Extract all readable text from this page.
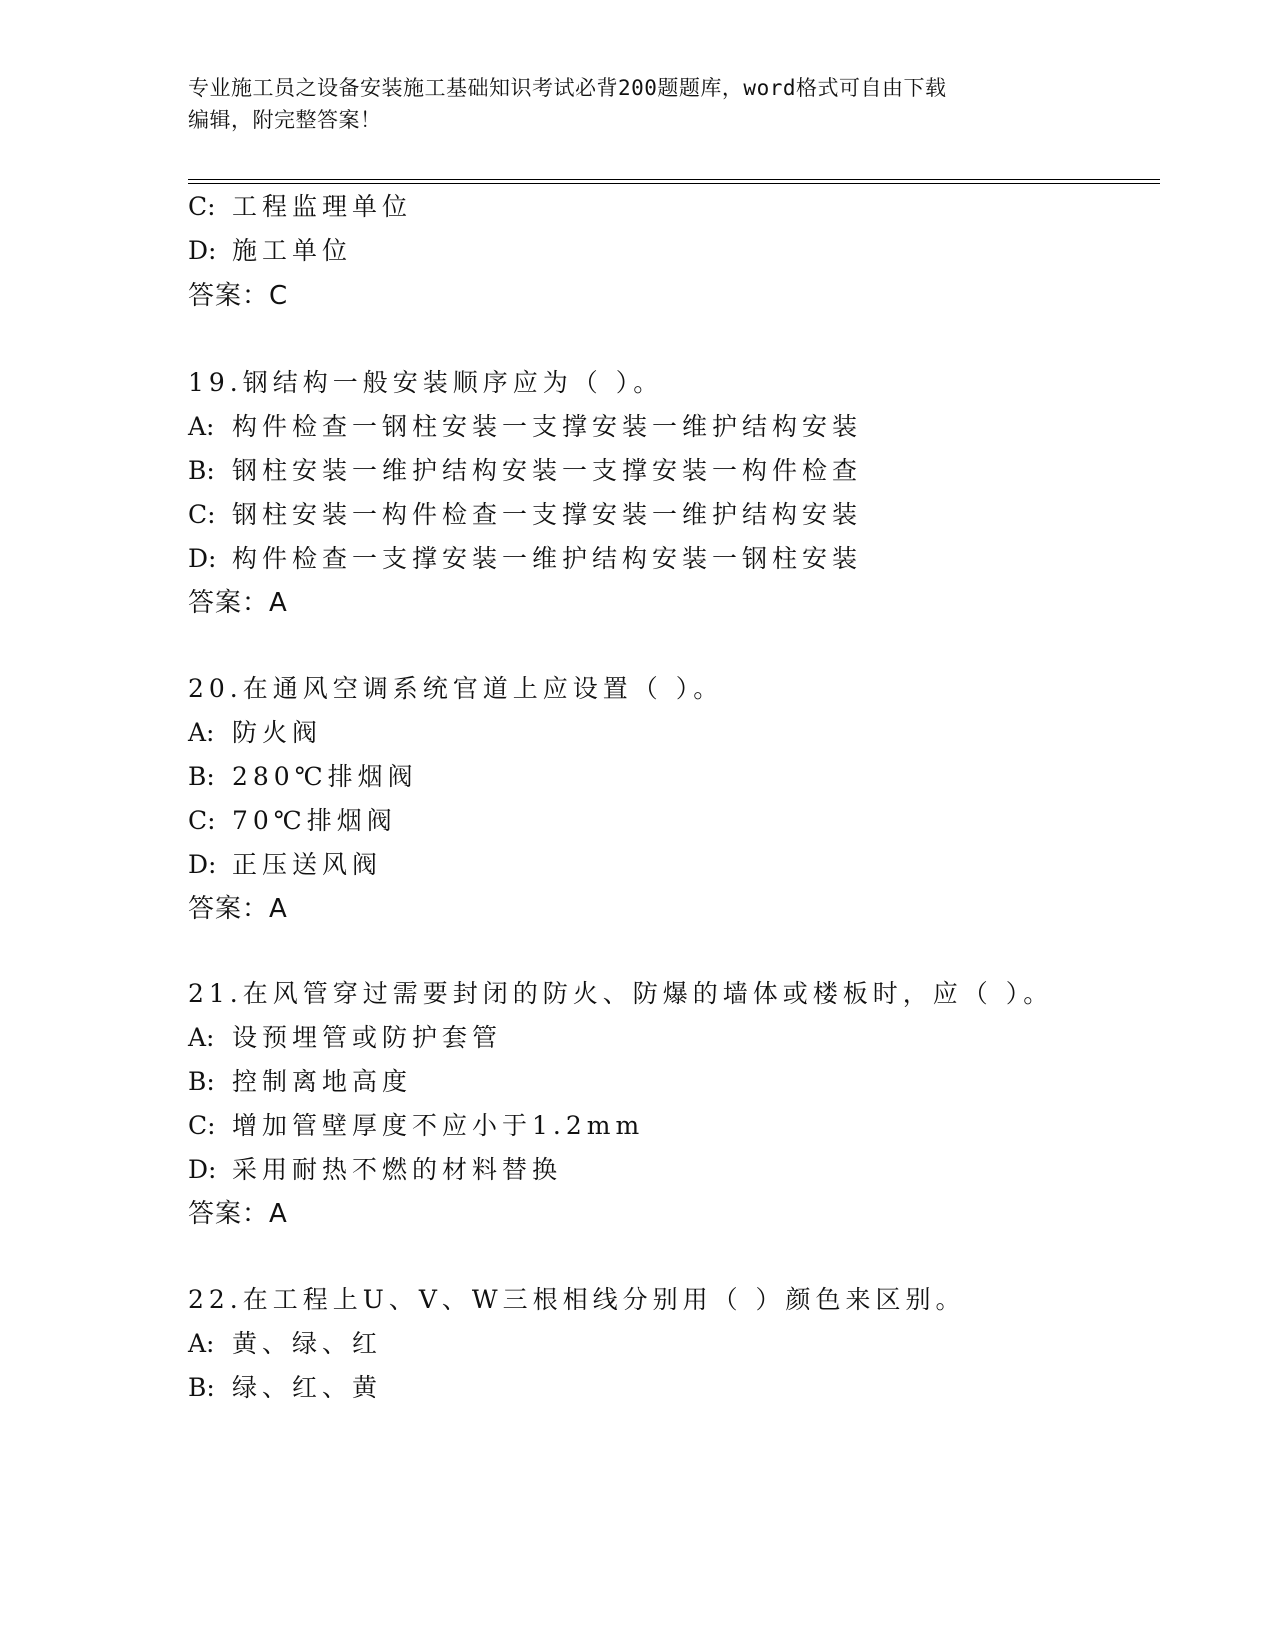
专业施工员之设备安装施工基础知识考试必背200题题库，word格式可自由下载
编辑，附完整答案！
C: 工程监理单位
D: 施工单位
答案：C
19.钢结构一般安装顺序应为（ ）。
A: 构件检查一钢柱安装一支撑安装一维护结构安装
B: 钢柱安装一维护结构安装一支撑安装一构件检查
C: 钢柱安装一构件检查一支撑安装一维护结构安装
D: 构件检查一支撑安装一维护结构安装一钢柱安装
答案：A
20.在通风空调系统官道上应设置（ ）。
A: 防火阀
B: 280℃排烟阀
C: 70℃排烟阀
D: 正压送风阀
答案：A
21.在风管穿过需要封闭的防火、防爆的墙体或楼板时，应（ ）。
A: 设预埋管或防护套管
B: 控制离地高度
C: 增加管壁厚度不应小于1.2mm
D: 采用耐热不燃的材料替换
答案：A
22.在工程上U、V、W三根相线分别用（ ）颜色来区别。
A: 黄、绿、红
B: 绿、红、黄
